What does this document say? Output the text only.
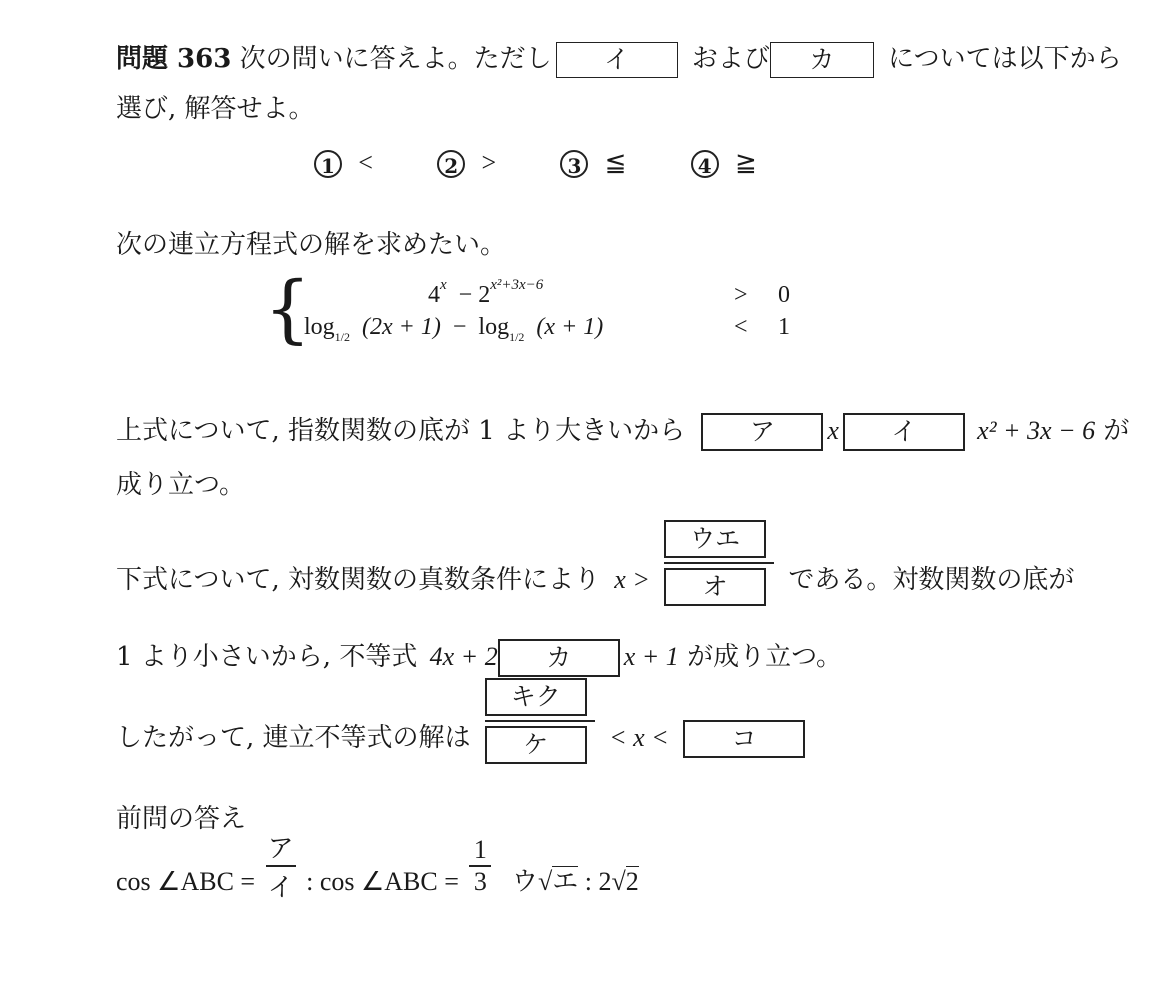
問題 363 次の問いに答えよ。ただし イ および カ については以下から
選び, 解答せよ。
1 <	2 >	3 ≦	4 ≧
次の連立方程式の解を求めたい。
{	$4^x - 2^{x^2+3x-6}$	> 0
$\log_{1/2} (2x + 1) - \log_{1/2} (x + 1)$	< 1
上式について, 指数関数の底が 1 より大きいから	ア x イ x² + 3x − 6 が
成り立つ。
下式について, 対数関数の真数条件により $x > \frac{\text{ウエ}}{\text{オ}}$ である。対数関数の底が
1 より小さいから, 不等式 4x + 2 カ x + 1 が成り立つ。
したがって, 連立不等式の解は $\frac{\text{キク}}{\text{ケ}} < x$ <	コ
前問の答え
cos ∠ABC = $\frac{\text{ア}}{\text{イ}}$ : cos ∠ABC = $\frac{1}{3}$ ウ√エ : 2√2
